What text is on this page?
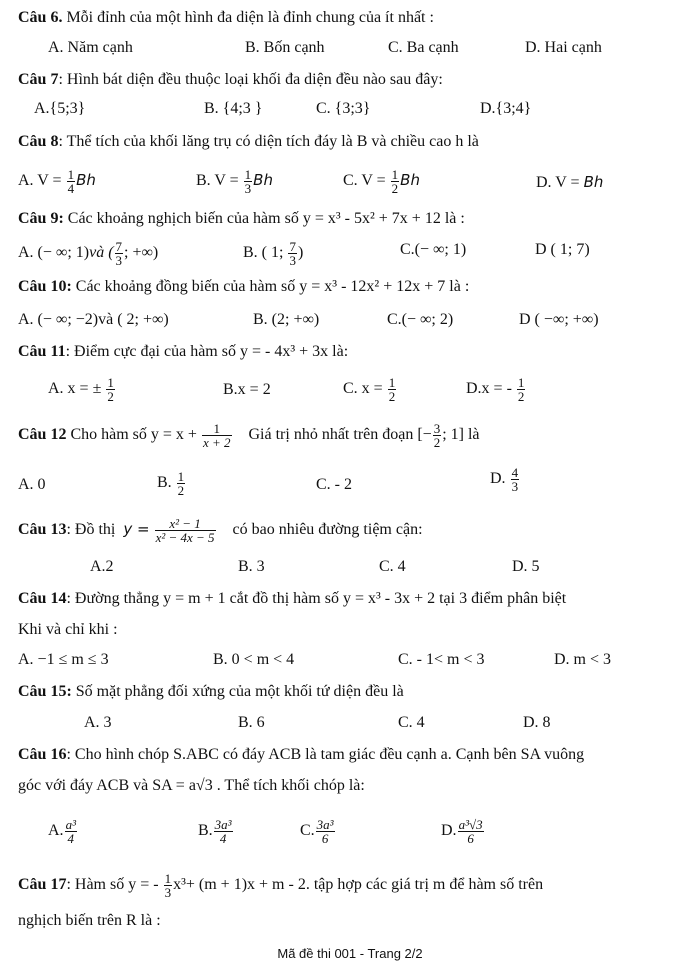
Câu 6. Mỗi đỉnh của một hình đa diện là đỉnh chung của ít nhất :
A. Năm cạnh	B. Bốn cạnh	C. Ba cạnh	D. Hai cạnh
Câu 7: Hình bát diện đều thuộc loại khối đa diện đều nào sau đây:
A.{5;3}	B. {4;3 }	C. {3;3}	D.{3;4}
Câu 8: Thể tích của khối lăng trụ có diện tích đáy là B và chiều cao h là
A. $V = \frac{1}{4}$ Bh	B. $V = \frac{1}{3}$ Bh	C. $V = \frac{1}{2}$ Bh	D. V = Bh
Câu 9: Các khoảng nghịch biến của hàm số y = x³ - 5x² + 7x + 12 là :
A. (− ∞; 1)và ( $\frac{7}{3}$ ; +∞)	B. ( 1; $\frac{7}{3}$ )	C.(− ∞; 1)	D ( 1; 7)
Câu 10: Các khoảng đồng biến của hàm số y = x³ - 12x² + 12x + 7 là :
A. (− ∞; −2)và ( 2; +∞)	B. (2; +∞)	C.(− ∞; 2)	D ( −∞; +∞)
Câu 11: Điểm cực đại của hàm số y = - 4x³ + 3x là:
A. x = ± $\frac{1}{2}$	B.x = 2	C. $x = \frac{1}{2}$	D.x = - $\frac{1}{2}$
Câu 12 Cho hàm số $y = x + \frac{1}{x + 2}$ Giá trị nhỏ nhất trên đoạn [− $\frac{3}{2}$ ; 1] là
A. 0	B. $\frac{1}{2}$	C. - 2	D. $\frac{4}{3}$
Câu 13: Đồ thị $y = \frac{\text{x² − 1}}{\text{x² − 4x − 5}}$ có bao nhiêu đường tiệm cận:
A.2	B. 3	C. 4	D. 5
Câu 14: Đường thẳng y = m + 1 cắt đồ thị hàm số y = x³ - 3x + 2 tại 3 điểm phân biệt
Khi và chỉ khi :
A. −1 ≤ m ≤ 3	B. 0 < m < 4	C. - 1< m < 3	D. m < 3
Câu 15: Số mặt phẳng đối xứng của một khối tứ diện đều là
A. 3	B. 6	C. 4	D. 8
Câu 16: Cho hình chóp S.ABC có đáy ACB là tam giác đều cạnh a. Cạnh bên SA vuông
góc với đáy ACB và SA = a√3 . Thể tích khối chóp là:
A. $\frac{\text{a³}}{4}$	B. $\frac{\text{3a³}}{4}$	C. $\frac{\text{3a³}}{6}$	D. $\frac{\text{a³√3}}{6}$
Câu 17: Hàm số y = - $\frac{1}{3} x^3+ (m + 1)x + m - 2$. tập hợp các giá trị m để hàm số trên
nghịch biến trên R là :
Mã đề thi 001 - Trang 2/2
